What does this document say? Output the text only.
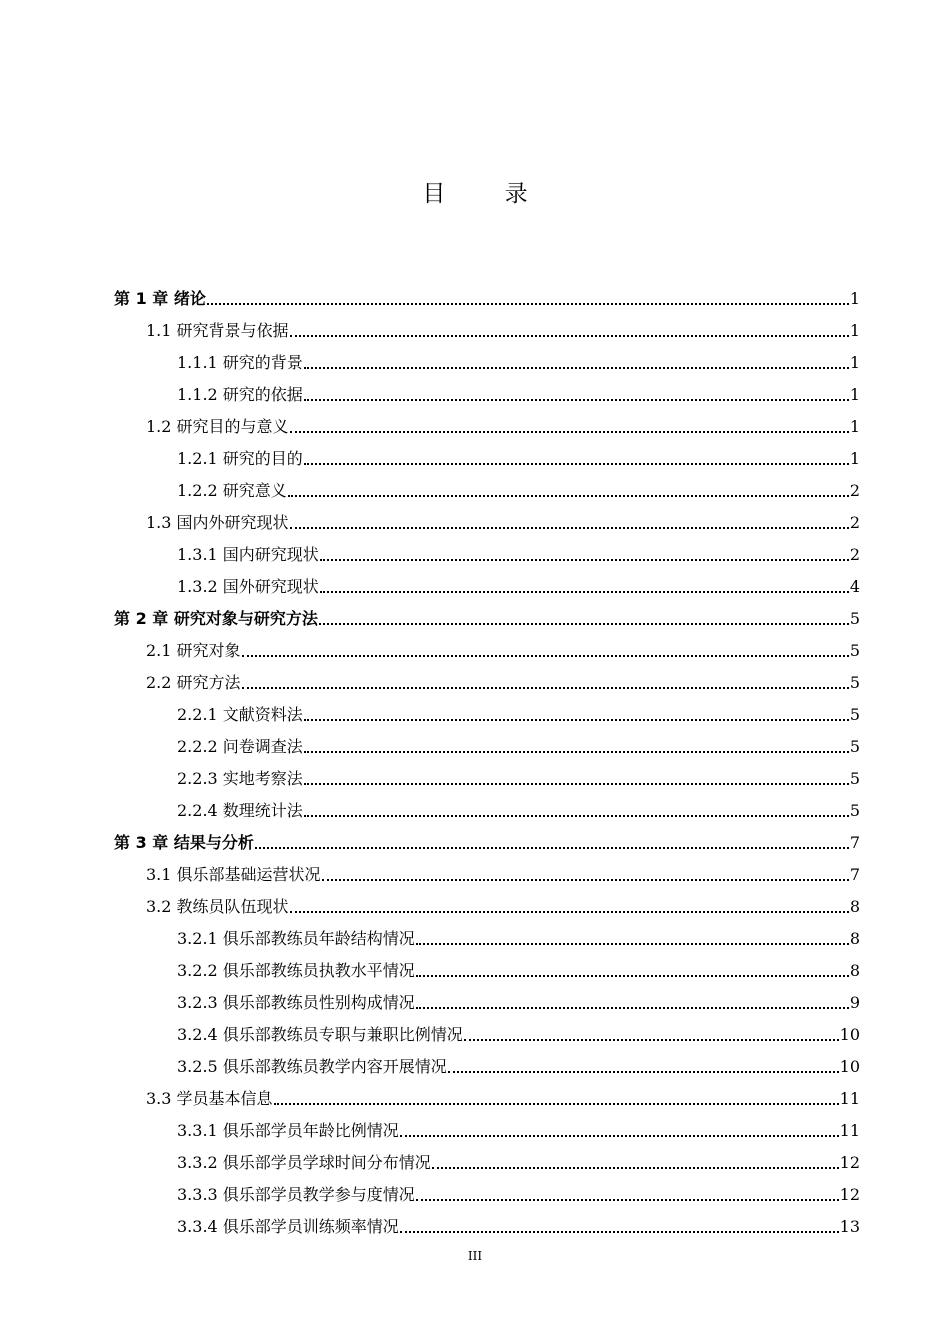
目 录
第 1 章 绪论	1
1.1 研究背景与依据	1
1.1.1 研究的背景	1
1.1.2 研究的依据	1
1.2 研究目的与意义	1
1.2.1 研究的目的	1
1.2.2 研究意义	2
1.3 国内外研究现状	2
1.3.1 国内研究现状	2
1.3.2 国外研究现状	4
第 2 章 研究对象与研究方法	5
2.1 研究对象	5
2.2 研究方法	5
2.2.1 文献资料法	5
2.2.2 问卷调查法	5
2.2.3 实地考察法	5
2.2.4 数理统计法	5
第 3 章 结果与分析	7
3.1 俱乐部基础运营状况	7
3.2 教练员队伍现状	8
3.2.1 俱乐部教练员年龄结构情况	8
3.2.2 俱乐部教练员执教水平情况	8
3.2.3 俱乐部教练员性别构成情况	9
3.2.4 俱乐部教练员专职与兼职比例情况	10
3.2.5 俱乐部教练员教学内容开展情况	10
3.3 学员基本信息	11
3.3.1 俱乐部学员年龄比例情况	11
3.3.2 俱乐部学员学球时间分布情况	12
3.3.3 俱乐部学员教学参与度情况	12
3.3.4 俱乐部学员训练频率情况	13
III
